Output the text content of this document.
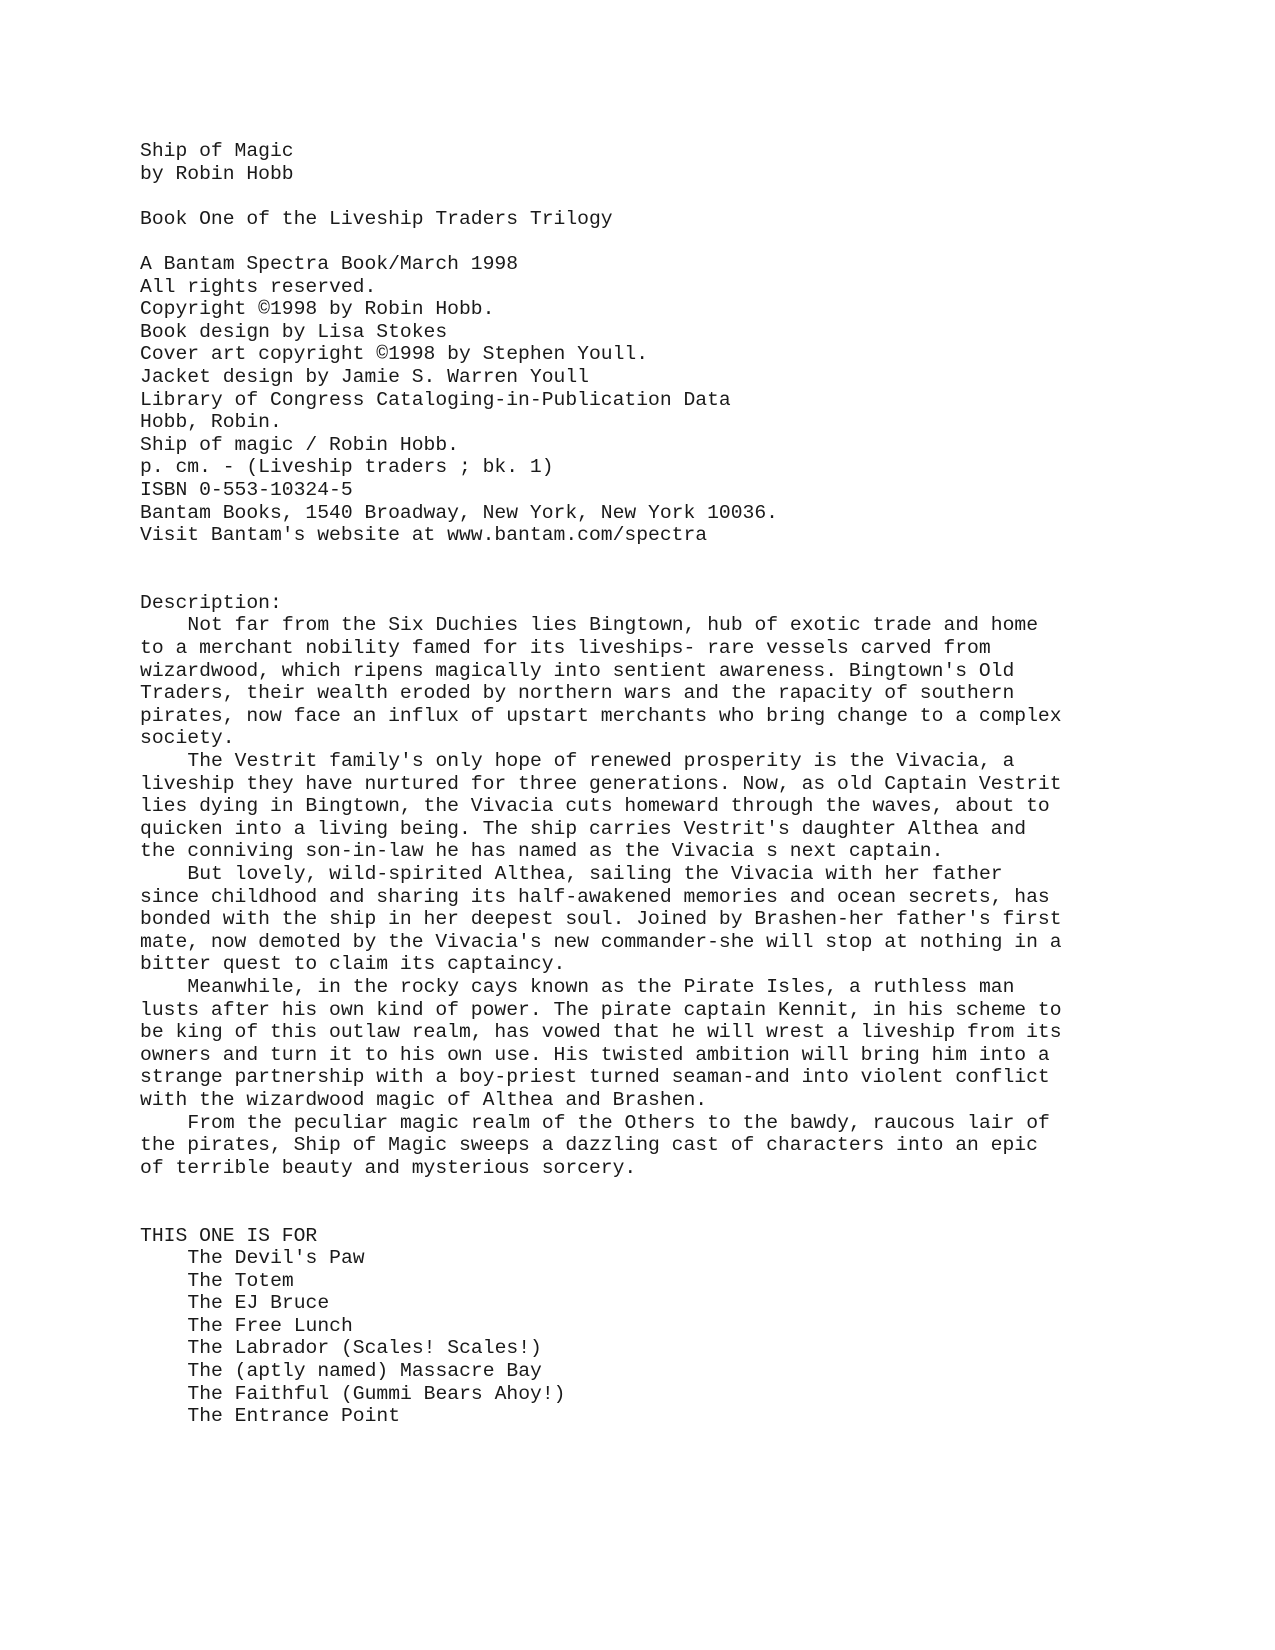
Ship of Magic
by Robin Hobb
Book One of the Liveship Traders Trilogy
A Bantam Spectra Book/March 1998
All rights reserved.
Copyright ©1998 by Robin Hobb.
Book design by Lisa Stokes
Cover art copyright ©1998 by Stephen Youll.
Jacket design by Jamie S. Warren Youll
Library of Congress Cataloging-in-Publication Data
Hobb, Robin.
Ship of magic / Robin Hobb.
p. cm. - (Liveship traders ; bk. 1)
ISBN 0-553-10324-5
Bantam Books, 1540 Broadway, New York, New York 10036.
Visit Bantam's website at www.bantam.com/spectra
Description:
Not far from the Six Duchies lies Bingtown, hub of exotic trade and home
to a merchant nobility famed for its liveships- rare vessels carved from
wizardwood, which ripens magically into sentient awareness. Bingtown's Old
Traders, their wealth eroded by northern wars and the rapacity of southern
pirates, now face an influx of upstart merchants who bring change to a complex
society.
The Vestrit family's only hope of renewed prosperity is the Vivacia, a
liveship they have nurtured for three generations. Now, as old Captain Vestrit
lies dying in Bingtown, the Vivacia cuts homeward through the waves, about to
quicken into a living being. The ship carries Vestrit's daughter Althea and
the conniving son-in-law he has named as the Vivacia s next captain.
But lovely, wild-spirited Althea, sailing the Vivacia with her father
since childhood and sharing its half-awakened memories and ocean secrets, has
bonded with the ship in her deepest soul. Joined by Brashen-her father's first
mate, now demoted by the Vivacia's new commander-she will stop at nothing in a
bitter quest to claim its captaincy.
Meanwhile, in the rocky cays known as the Pirate Isles, a ruthless man
lusts after his own kind of power. The pirate captain Kennit, in his scheme to
be king of this outlaw realm, has vowed that he will wrest a liveship from its
owners and turn it to his own use. His twisted ambition will bring him into a
strange partnership with a boy-priest turned seaman-and into violent conflict
with the wizardwood magic of Althea and Brashen.
From the peculiar magic realm of the Others to the bawdy, raucous lair of
the pirates, Ship of Magic sweeps a dazzling cast of characters into an epic
of terrible beauty and mysterious sorcery.
THIS ONE IS FOR
The Devil's Paw
The Totem
The EJ Bruce
The Free Lunch
The Labrador (Scales! Scales!)
The (aptly named) Massacre Bay
The Faithful (Gummi Bears Ahoy!)
The Entrance Point
